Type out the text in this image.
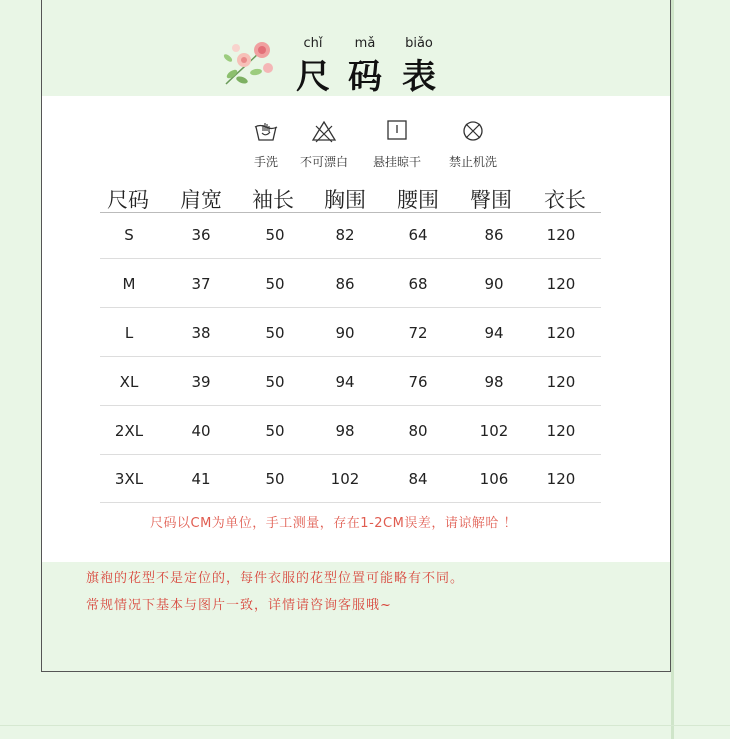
chǐ	mǎ	biǎo
尺 码 表
手洗	不可漂白	悬挂晾干	禁止机洗
尺码	肩宽	袖长	胸围	腰围	臀围	衣长
S	36	50	82	64	86	120
M	37	50	86	68	90	120
L	38	50	90	72	94	120
XL	39	50	94	76	98	120
2XL	40	50	98	80	102	120
3XL	41	50	102	84	106	120
尺码以CM为单位，手工测量，存在1-2CM误差，请谅解哈 ！
旗袍的花型不是定位的，每件衣服的花型位置可能略有不同。
常规情况下基本与图片一致，详情请咨询客服哦~
